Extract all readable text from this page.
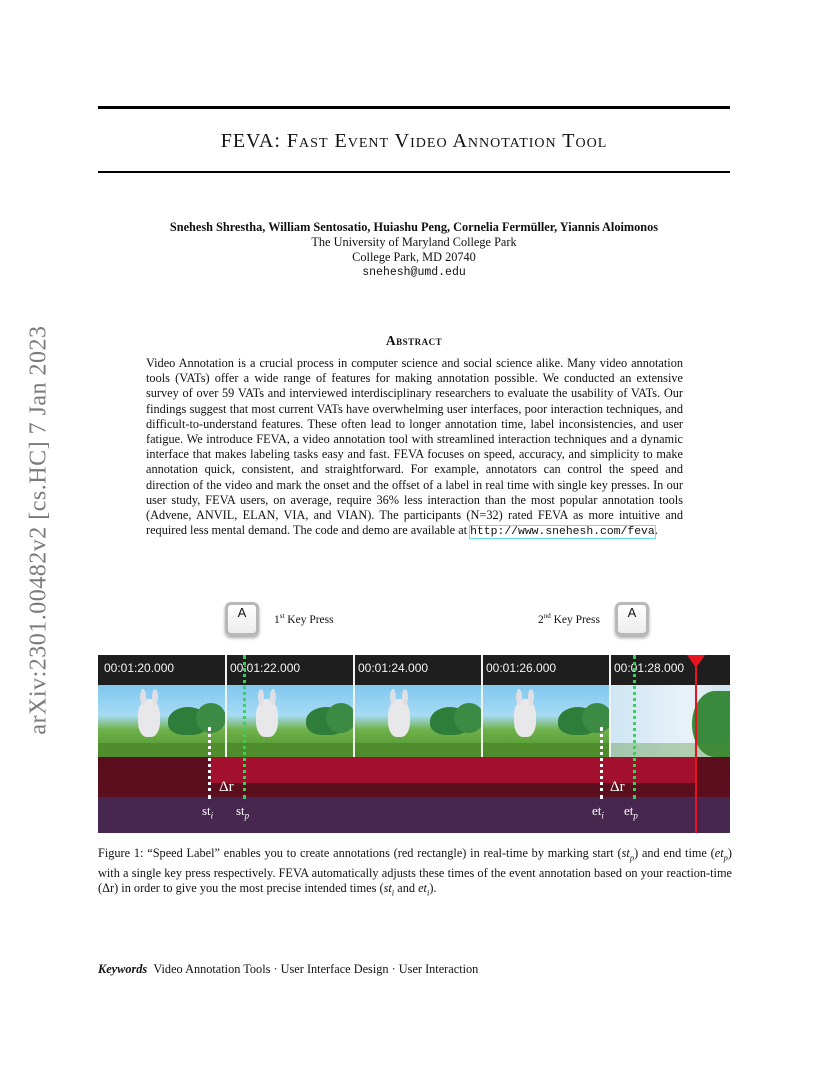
arXiv:2301.00482v2 [cs.HC] 7 Jan 2023
FEVA: Fast Event Video Annotation Tool
Snehesh Shrestha, William Sentosatio, Huiashu Peng, Cornelia Fermüller, Yiannis Aloimonos
The University of Maryland College Park
College Park, MD 20740
snehesh@umd.edu
Abstract
Video Annotation is a crucial process in computer science and social science alike. Many video annotation tools (VATs) offer a wide range of features for making annotation possible. We conducted an extensive survey of over 59 VATs and interviewed interdisciplinary researchers to evaluate the usability of VATs. Our findings suggest that most current VATs have overwhelming user interfaces, poor interaction techniques, and difficult-to-understand features. These often lead to longer annotation time, label inconsistencies, and user fatigue. We introduce FEVA, a video annotation tool with streamlined interaction techniques and a dynamic interface that makes labeling tasks easy and fast. FEVA focuses on speed, accuracy, and simplicity to make annotation quick, consistent, and straightforward. For example, annotators can control the speed and direction of the video and mark the onset and the offset of a label in real time with single key presses. In our user study, FEVA users, on average, require 36% less interaction than the most popular annotation tools (Advene, ANVIL, ELAN, VIA, and VIAN). The participants (N=32) rated FEVA as more intuitive and required less mental demand. The code and demo are available at http://www.snehesh.com/feva.
A	1st Key Press	2nd Key Press	A
00:01:20.000	00:01:22.000	00:01:24.000	00:01:26.000	00:01:28.000
Δr	Δr
$st_i$ $st_p$	$et_i$ $et_p$
Figure 1: “Speed Label” enables you to create annotations (red rectangle) in real-time by marking start $(st_p)$ and end time $(et_p)$ with a single key press respectively. FEVA automatically adjusts these times of the event annotation based on your reaction-time (Δr) in order to give you the most precise intended times ($st_i$ and $et_i$).
Keywords Video Annotation Tools · User Interface Design · User Interaction
